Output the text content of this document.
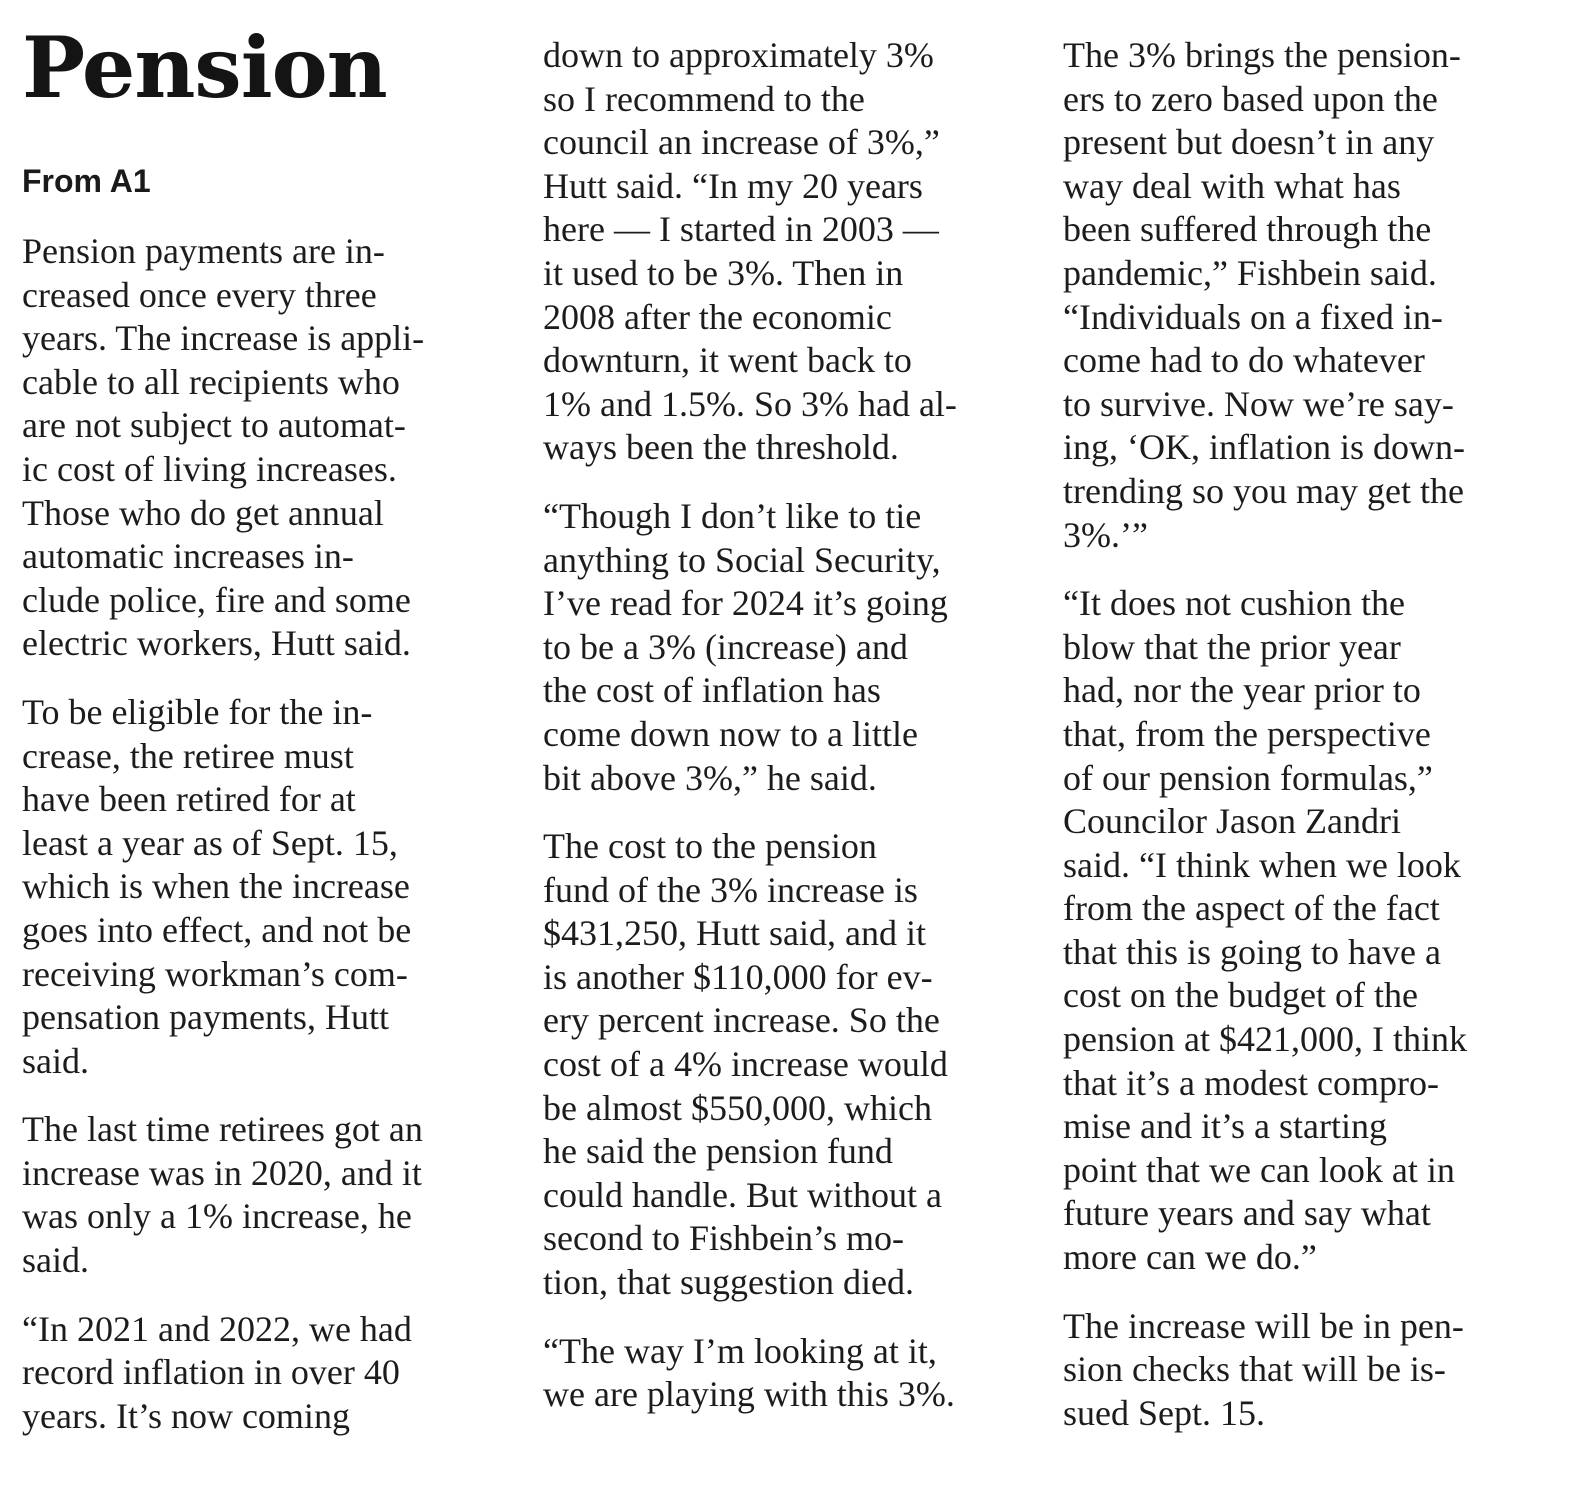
Pension
From A1

Pension payments are in-
creased once every three
years. The increase is appli-
cable to all recipients who
are not subject to automat-
ic cost of living increases.
Those who do get annual
automatic increases in-
clude police, fire and some
electric workers, Hutt said.

To be eligible for the in-
crease, the retiree must
have been retired for at
least a year as of Sept. 15,
which is when the increase
goes into effect, and not be
receiving workman’s com-
pensation payments, Hutt
said.

The last time retirees got an
increase was in 2020, and it
was only a 1% increase, he
said.

“In 2021 and 2022, we had
record inflation in over 40
years. It’s now coming

down to approximately 3%
so I recommend to the
council an increase of 3%,”
Hutt said. “In my 20 years
here — I started in 2003 —
it used to be 3%. Then in
2008 after the economic
downturn, it went back to
1% and 1.5%. So 3% had al-
ways been the threshold.

“Though I don’t like to tie
anything to Social Security,
I’ve read for 2024 it’s going
to be a 3% (increase) and
the cost of inflation has
come down now to a little
bit above 3%,” he said.

The cost to the pension
fund of the 3% increase is
$431,250, Hutt said, and it
is another $110,000 for ev-
ery percent increase. So the
cost of a 4% increase would
be almost $550,000, which
he said the pension fund
could handle. But without a
second to Fishbein’s mo-
tion, that suggestion died.

“The way I’m looking at it,
we are playing with this 3%.

The 3% brings the pension-
ers to zero based upon the
present but doesn’t in any
way deal with what has
been suffered through the
pandemic,” Fishbein said.
“Individuals on a fixed in-
come had to do whatever
to survive. Now we’re say-
ing, ‘OK, inflation is down-
trending so you may get the
3%.’”

“It does not cushion the
blow that the prior year
had, nor the year prior to
that, from the perspective
of our pension formulas,”
Councilor Jason Zandri
said. “I think when we look
from the aspect of the fact
that this is going to have a
cost on the budget of the
pension at $421,000, I think
that it’s a modest compro-
mise and it’s a starting
point that we can look at in
future years and say what
more can we do.”

The increase will be in pen-
sion checks that will be is-
sued Sept. 15.
